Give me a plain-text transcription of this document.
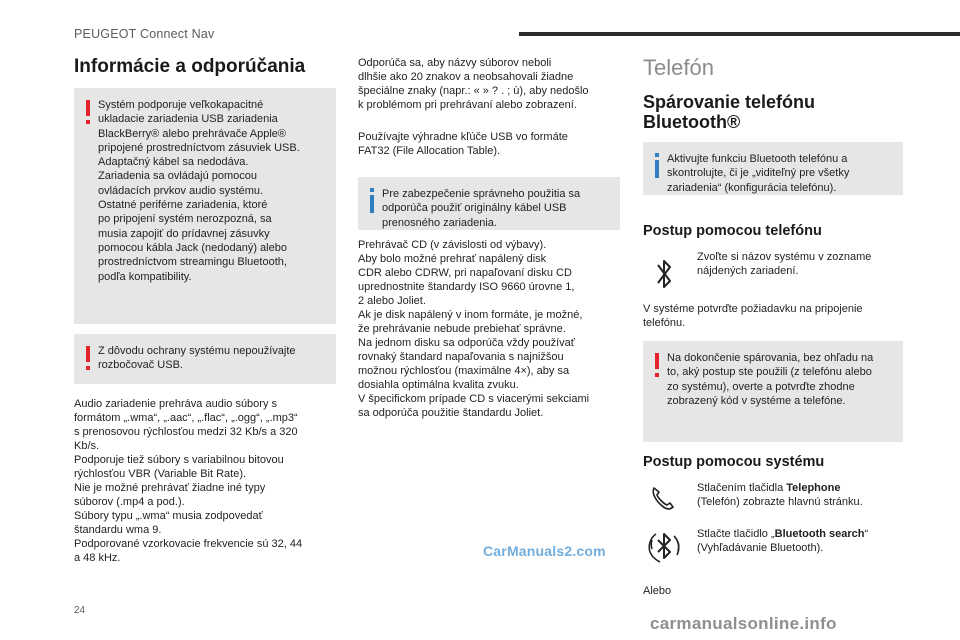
PEUGEOT Connect Nav
Informácie a odporúčania
Systém podporuje veľkokapacitné
ukladacie zariadenia USB zariadenia
BlackBerry® alebo prehrávače Apple®
pripojené prostredníctvom zásuviek USB.
Adaptačný kábel sa nedodáva.
Zariadenia sa ovládajú pomocou
ovládacích prvkov audio systému.
Ostatné periférne zariadenia, ktoré
po pripojení systém nerozpozná, sa
musia zapojiť do prídavnej zásuvky
pomocou kábla Jack (nedodaný) alebo
prostredníctvom streamingu Bluetooth,
podľa kompatibility.
Z dôvodu ochrany systému nepoužívajte
rozbočovač USB.

Audio zariadenie prehráva audio súbory s
formátom „.wma“, „.aac“, „.flac“, „.ogg“, „.mp3“
s prenosovou rýchlosťou medzi 32 Kb/s a 320
Kb/s.
Podporuje tiež súbory s variabilnou bitovou
rýchlosťou VBR (Variable Bit Rate).
Nie je možné prehrávať žiadne iné typy
súborov (.mp4 a pod.).
Súbory typu „.wma“ musia zodpovedať
štandardu wma 9.
Podporované vzorkovacie frekvencie sú 32, 44
a 48 kHz.

Odporúča sa, aby názvy súborov neboli
dlhšie ako 20 znakov a neobsahovali žiadne
špeciálne znaky (napr.: « » ? . ; ù), aby nedošlo
k problémom pri prehrávaní alebo zobrazení.

Používajte výhradne kľúče USB vo formáte
FAT32 (File Allocation Table).

Pre zabezpečenie správneho použitia sa
odporúča použiť originálny kábel USB
prenosného zariadenia.

Prehrávač CD (v závislosti od výbavy).
Aby bolo možné prehrať napálený disk
CDR alebo CDRW, pri napaľovaní disku CD
uprednostnite štandardy ISO 9660 úrovne 1,
2 alebo Joliet.
Ak je disk napálený v inom formáte, je možné,
že prehrávanie nebude prebiehať správne.
Na jednom disku sa odporúča vždy používať
rovnaký štandard napaľovania s najnižšou
možnou rýchlosťou (maximálne 4×), aby sa
dosiahla optimálna kvalita zvuku.
V špecifickom prípade CD s viacerými sekciami
sa odporúča použitie štandardu Joliet.

Telefón
Spárovanie telefónu
Bluetooth®
Aktivujte funkciu Bluetooth telefónu a
skontrolujte, či je „viditeľný pre všetky
zariadenia“ (konfigurácia telefónu).
Postup pomocou telefónu

Zvoľte si názov systému v zozname
nájdených zariadení.

V systéme potvrďte požiadavku na pripojenie
telefónu.

Na dokončenie spárovania, bez ohľadu na
to, aký postup ste použili (z telefónu alebo
zo systému), overte a potvrďte zhodne
zobrazený kód v systéme a telefóne.
Postup pomocou systému

Stlačením tlačidla Telephone
(Telefón) zobrazte hlavnú stránku.

Stlačte tlačidlo „Bluetooth search“
(Vyhľadávanie Bluetooth).

Alebo

CarManuals2.com
24
carmanualsonline.info
